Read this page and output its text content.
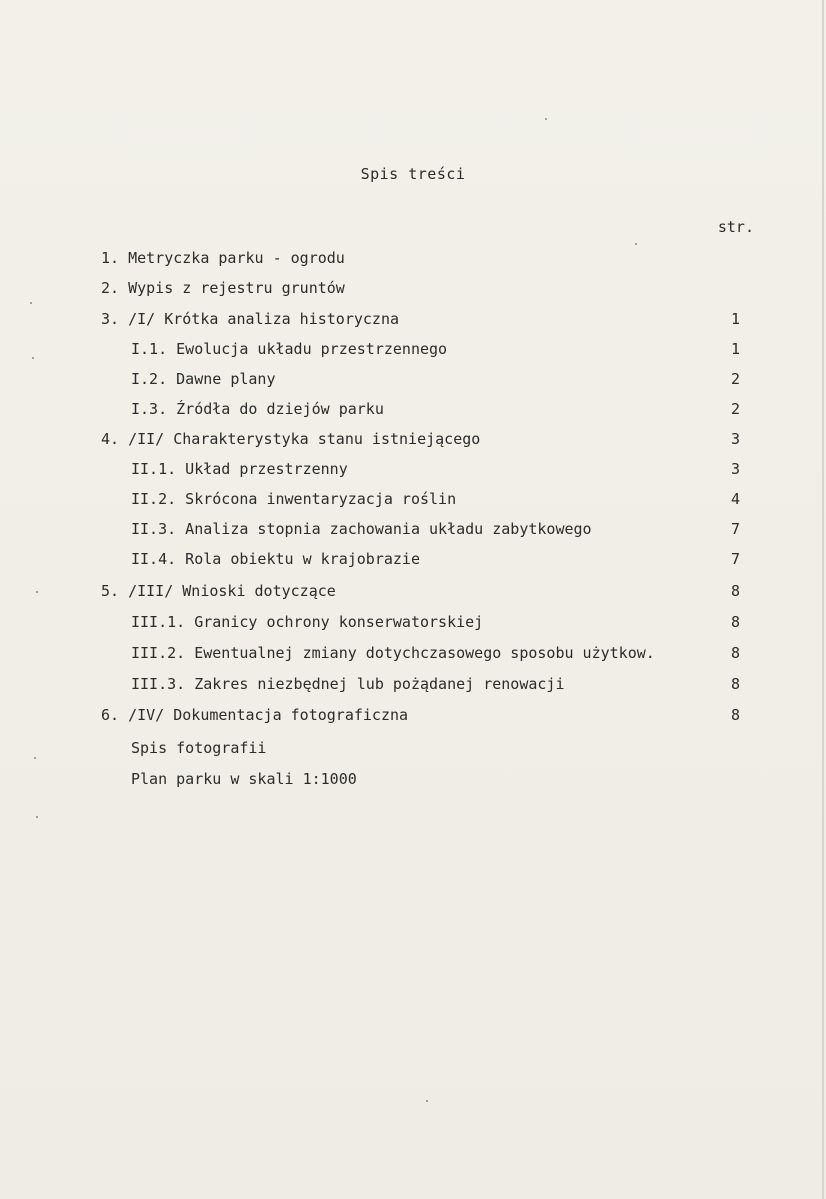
Spis treści
str.
1. Metryczka parku - ogrodu
2. Wypis z rejestru gruntów
3. /I/ Krótka analiza historyczna	1
I.1. Ewolucja układu przestrzennego	1
I.2. Dawne plany	2
I.3. Źródła do dziejów parku	2
4. /II/ Charakterystyka stanu istniejącego	3
II.1. Układ przestrzenny	3
II.2. Skrócona inwentaryzacja roślin	4
II.3. Analiza stopnia zachowania układu zabytkowego	7
II.4. Rola obiektu w krajobrazie	7
5. /III/ Wnioski dotyczące	8
III.1. Granicy ochrony konserwatorskiej	8
III.2. Ewentualnej zmiany dotychczasowego sposobu użytkow.	8
III.3. Zakres niezbędnej lub pożądanej renowacji	8
6. /IV/ Dokumentacja fotograficzna	8
Spis fotografii
Plan parku w skali 1:1000
